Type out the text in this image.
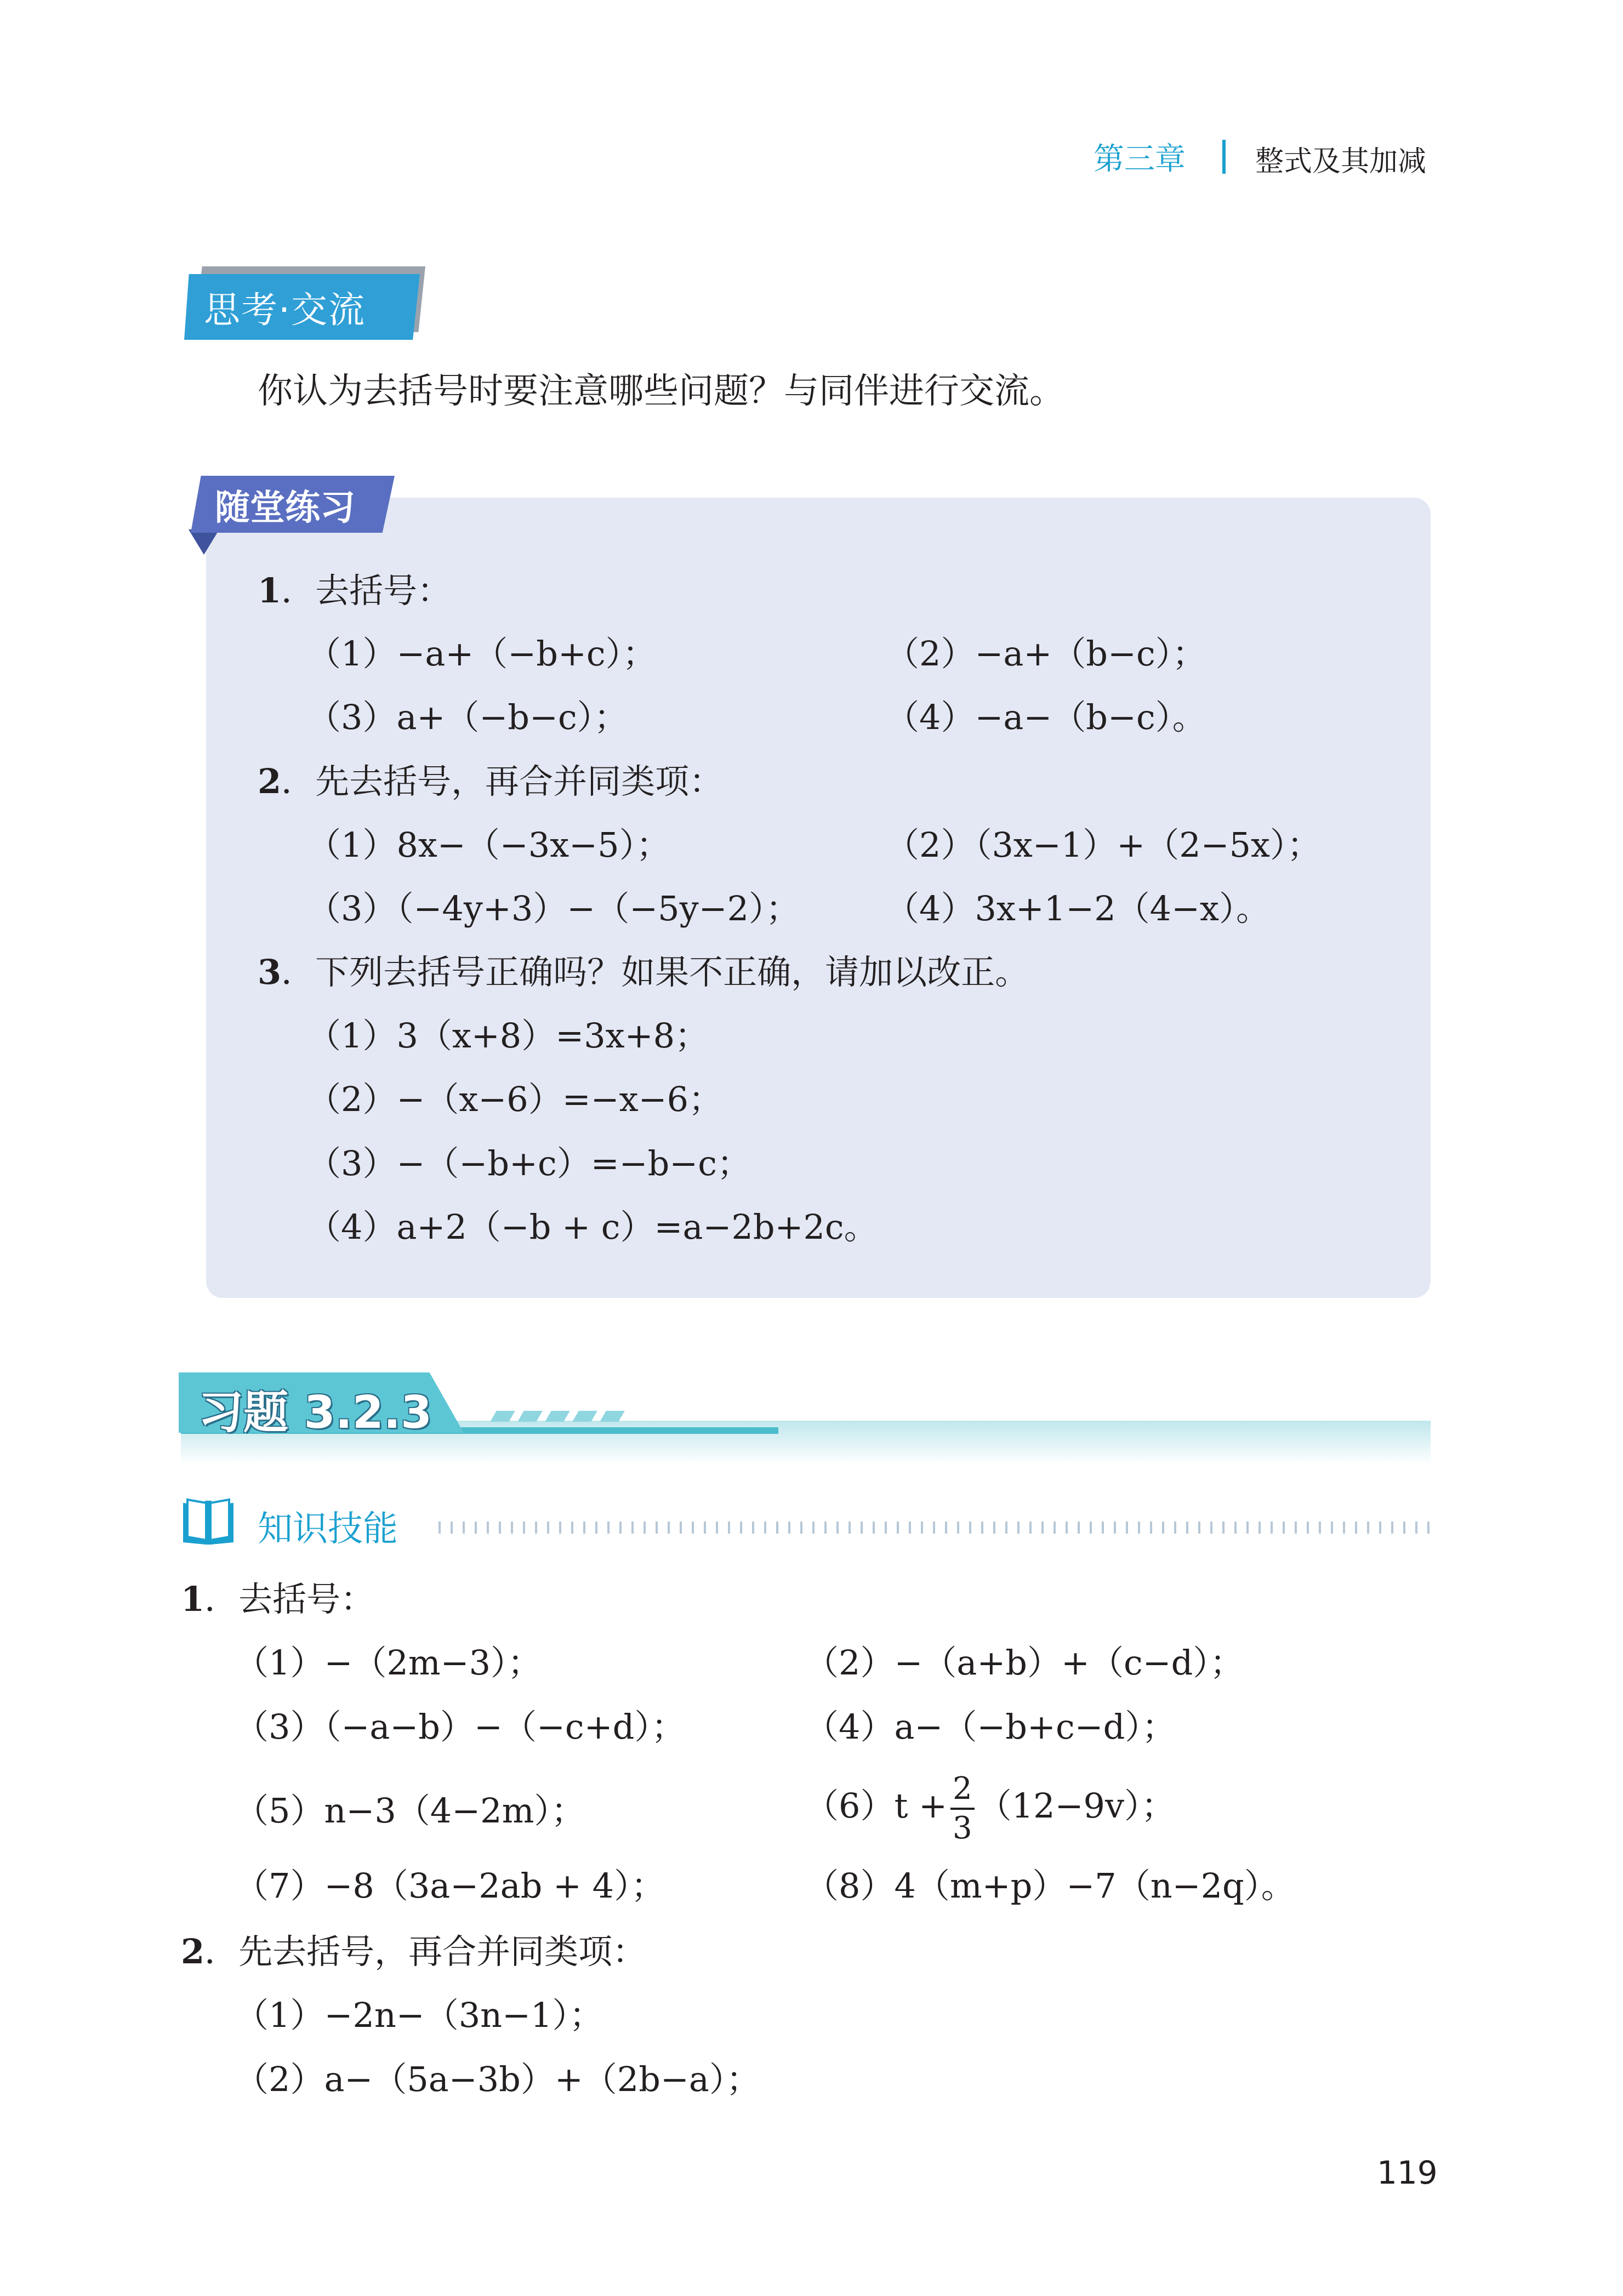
第三章 整式及其加减
思考·交流
你认为去括号时要注意哪些问题？与同伴进行交流。
随堂练习
1．去括号：
（1）−a+（−b+c）；	（2）−a+（b−c）；
（3）a+（−b−c）；	（4）−a−（b−c）。
2．先去括号，再合并同类项：
（1）8x−（−3x−5）；	（2）（3x−1）+（2−5x）；
（3）（−4y+3）−（−5y−2）；	（4）3x+1−2（4−x）。
3．下列去括号正确吗？如果不正确，请加以改正。
（1）3（x+8）=3x+8；
（2）−（x−6）=−x−6；
（3）−（−b+c）=−b−c；
（4）a+2（−b + c）=a−2b+2c。
习题 3.2.3
知识技能
1．去括号：
（1）−（2m−3）；	（2）−（a+b）+（c−d）；
（3）（−a−b）−（−c+d）；	（4）a−（−b+c−d）；
（5）n−3（4−2m）；	$(6)t + \frac{2}{3} (12-9v)$；
（7）−8（3a−2ab + 4）；	（8）4（m+p）−7（n−2q）。
2．先去括号，再合并同类项：
（1）−2n−（3n−1）；
（2）a−（5a−3b）+（2b−a）；
119
